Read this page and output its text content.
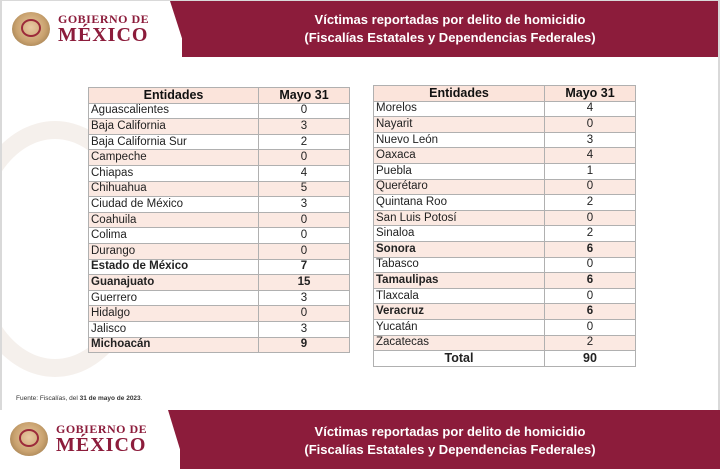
GOBIERNO DE
MÉXICO
Víctimas reportadas por delito de homicidio
(Fiscalías Estatales y Dependencias Federales)
Entidades	Mayo 31
Aguascalientes	0
Baja California	3
Baja California Sur	2
Campeche	0
Chiapas	4
Chihuahua	5
Ciudad de México	3
Coahuila	0
Colima	0
Durango	0
Estado de México	7
Guanajuato	15
Guerrero	3
Hidalgo	0
Jalisco	3
Michoacán	9
Entidades	Mayo 31
Morelos	4
Nayarit	0
Nuevo León	3
Oaxaca	4
Puebla	1
Querétaro	0
Quintana Roo	2
San Luis Potosí	0
Sinaloa	2
Sonora	6
Tabasco	0
Tamaulipas	6
Tlaxcala	0
Veracruz	6
Yucatán	0
Zacatecas	2
Total	90
Fuente: Fiscalías, del 31 de mayo de 2023.
GOBIERNO DE
MÉXICO
Víctimas reportadas por delito de homicidio
(Fiscalías Estatales y Dependencias Federales)
